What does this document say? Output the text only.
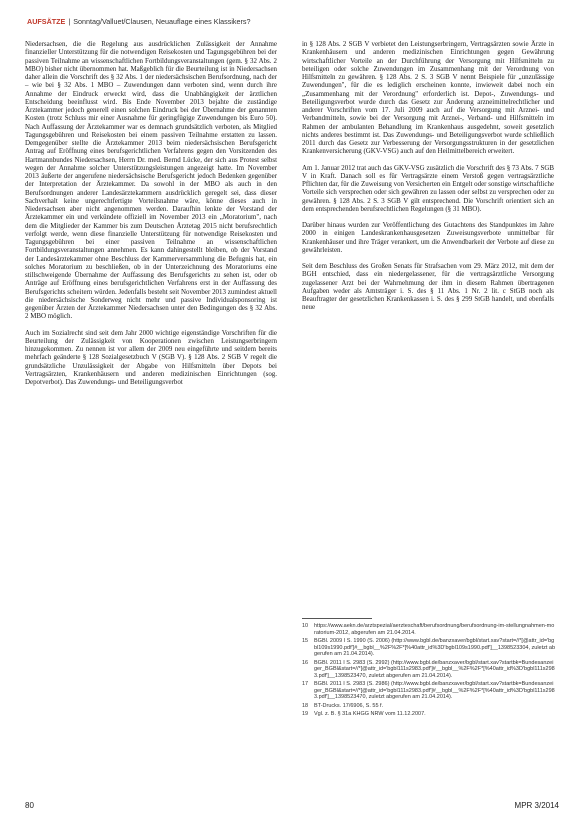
AUFSÄTZE | Sonntag/Valluet/Clausen, Neuauflage eines Klassikers?

Niedersachsen, die die Regelung aus ausdrücklichen Zulässigkeit der Annahme finanzieller Unterstützung für die notwendigen Reisekosten und Tagungsgebühren bei der passiven Teilnahme an wissenschaftlichen Fortbildungsveranstaltungen (gem. § 32 Abs. 2 MBO) bisher nicht übernommen hat. Maßgeblich für die Beurteilung ist in Niedersachsen daher allein die Vorschrift des § 32 Abs. 1 der niedersächsischen Berufsordnung, nach der – wie bei § 32 Abs. 1 MBO – Zuwendungen dann verboten sind, wenn durch ihre Annahme der Eindruck erweckt wird, dass die Unabhängigkeit der ärztlichen Entscheidung beeinflusst wird. Bis Ende November 2013 bejahte die zuständige Ärztekammer jedoch generell einen solchen Eindruck bei der Übernahme der genannten Kosten (trotz Schluss mir einer Ausnahme für geringfügige Zuwendungen bis Euro 50). Nach Auffassung der Ärztekammer war es demnach grundsätzlich verboten, als Mitglied Tagungsgebühren und Reisekosten bei einem passiven Teilnahme erstatten zu lassen. Demgegenüber stellte die Ärztekammer 2013 beim niedersächsischen Berufsgericht Antrag auf Eröffnung eines berufsgerichtlichen Verfahrens gegen den Vorsitzenden des Hartmannbundes Niedersachsen, Herrn Dr. med. Bernd Lücke, der sich aus Protest selbst wegen der Annahme solcher Unterstützungsleistungen angezeigt hatte. Im November 2013 äußerte der angerufene niedersächsische Berufsgericht jedoch Bedenken gegenüber der Interpretation der Ärztekammer. Da sowohl in der MBO als auch in den Berufsordnungen anderer Landesärztekammern ausdrücklich geregelt sei, dass dieser Sachverhalt keine ungerechtfertigte Vorteilsnahme wäre, könne dieses auch in Niedersachsen aber nicht angenommen werden. Daraufhin lenkte der Vorstand der Ärztekammer ein und verkündete offiziell im November 2013 ein „Moratorium", nach dem die Mitglieder der Kammer bis zum Deutschen Ärztetag 2015 nicht berufsrechtlich verfolgt werde, wenn diese finanzielle Unterstützung für notwendige Reisekosten und Tagungsgebühren bei einer passiven Teilnahme an wissenschaftlichen Fortbildungsveranstaltungen annehmen. Es kann dahingestellt bleiben, ob der Vorstand der Landesärztekammer ohne Beschluss der Kammerversammlung die Befugnis hat, ein solches Moratorium zu beschließen, ob in der Unterzeichnung des Moratoriums eine stillschweigende Übernahme der Auffassung des Berufsgerichts zu sehen ist, oder ob Anträge auf Eröffnung eines berufsgerichtlichen Verfahrens erst in der Auffassung des Berufsgerichts scheitern würden. Jedenfalls besteht seit November 2013 zumindest aktuell die niedersächsische Sonderweg nicht mehr und passive Individualsponsoring ist gegenüber Ärzten der Ärztekammer Niedersachsen unter den Bedingungen des § 32 Abs. 2 MBO möglich.

Auch im Sozialrecht sind seit dem Jahr 2000 wichtige eigenständige Vorschriften für die Beurteilung der Zulässigkeit von Kooperationen zwischen Leistungserbringern hinzugekommen. Zu nennen ist vor allem der 2009 neu eingeführte und seitdem bereits mehrfach geänderte § 128 Sozialgesetzbuch V (SGB V). § 128 Abs. 2 SGB V regelt die grundsätzliche Unzulässigkeit der Abgabe von Hilfsmitteln über Depots bei Vertragsärzten, Krankenhäusern und anderen medizinischen Einrichtungen (sog. Depotverbot). Das Zuwendungs- und Beteiligungsverbot

in § 128 Abs. 2 SGB V verbietet den Leistungserbringern, Vertragsärzten sowie Ärzte in Krankenhäusern und anderen medizinischen Einrichtungen gegen Gewährung wirtschaftlicher Vorteile an der Durchführung der Versorgung mit Hilfsmitteln zu beteiligen oder solche Zuwendungen im Zusammenhang mit der Verordnung von Hilfsmitteln zu gewähren. § 128 Abs. 2 S. 3 SGB V nennt Beispiele für „unzulässige Zuwendungen", für die es lediglich erscheinen konnte, inwieweit dabei noch ein „Zusammenhang mit der Verordnung" erforderlich ist. Depot-, Zuwendungs- und Beteiligungsverbot wurde durch das Gesetz zur Änderung arzneimittelrechtlicher und anderer Vorschriften vom 17. Juli 2009 auch auf die Versorgung mit Arznei- und Verbandmitteln, sowie bei der Versorgung mit Arznei-, Verband- und Hilfsmitteln im Rahmen der ambulanten Behandlung im Krankenhaus ausgedehnt, soweit gesetzlich nichts anderes bestimmt ist. Das Zuwendungs- und Beteiligungsverbot wurde schließlich 2011 durch das Gesetz zur Verbesserung der Versorgungsstrukturen in der gesetzlichen Krankenversicherung (GKV-VSG) auch auf den Heilmittelbereich erweitert.

Am 1. Januar 2012 trat auch das GKV-VSG zusätzlich die Vorschrift des § 73 Abs. 7 SGB V in Kraft. Danach soll es für Vertragsärzte einem Verstoß gegen vertragsärztliche Pflichten dar, für die Zuweisung von Versicherten ein Entgelt oder sonstige wirtschaftliche Vorteile sich versprechen oder sich gewähren zu lassen oder selbst zu versprechen oder zu gewähren. § 128 Abs. 2 S. 3 SGB V gilt entsprechend. Die Vorschrift orientiert sich an dem entsprechenden berufsrechtlichen Regelungen (§ 31 MBO).

Darüber hinaus wurden zur Veröffentlichung des Gutachtens des Standpunktes im Jahre 2000 in einigen Landeskrankenhausgesetzen Zuweisungsverbote unmittelbar für Krankenhäuser und ihre Träger verankert, um die Anwendbarkeit der Verbote auf diese zu gewährleisten.

Seit dem Beschluss des Großen Senats für Strafsachen vom 29. März 2012, mit dem der BGH entschied, dass ein niedergelassener, für die vertragsärztliche Versorgung zugelassener Arzt bei der Wahrnehmung der ihm in diesem Rahmen übertragenen Aufgaben weder als Amtsträger i. S. des § 11 Abs. 1 Nr. 2 lit. c StGB noch als Beauftragter der gesetzlichen Krankenkassen i. S. des § 299 StGB handelt, und ebenfalls neue

10	https://www.aekn.de/arztspezial/aerzteschaft/berufsordnung/berufsordnung-im-stellungnahmen-moratorium-2012, abgerufen am 21.04.2014.
15	BGBl. 2009 I S. 1990 (S. 2006) (http://www.bgbl.de/banzxaver/bgbl/start.xav?start=//*[@attr_id='bgbl109s1990.pdf']#__bgbl__%2F%2F*[%40attr_id%3D'bgbl109s1990.pdf']__1398523304, zuletzt abgerufen am 21.04.2014).
16	BGBl. 2011 I S. 2983 (S. 2992) (http://www.bgbl.de/banzxaver/bgbl/start.xav?startbk=Bundesanzeiger_BGBl&start=//*[@attr_id='bgbl111s2983.pdf']#__bgbl__%2F%2F*[%40attr_id%3D'bgbl111s2983.pdf']__1398523470, zuletzt abgerufen am 21.04.2014).
17	BGBl. 2011 I S. 2983 (S. 2986) (http://www.bgbl.de/banzxaver/bgbl/start.xav?startbk=Bundesanzeiger_BGBl&start=//*[@attr_id='bgbl111s2983.pdf']#__bgbl__%2F%2F*[%40attr_id%3D'bgbl111s2983.pdf']__1398523470, zuletzt abgerufen am 21.04.2014).
18	BT-Drucks. 17/6906, S. 55 f.
19	Vgl. z. B. § 31a KHGG NRW vom 11.12.2007.
80	MPR 3/2014
